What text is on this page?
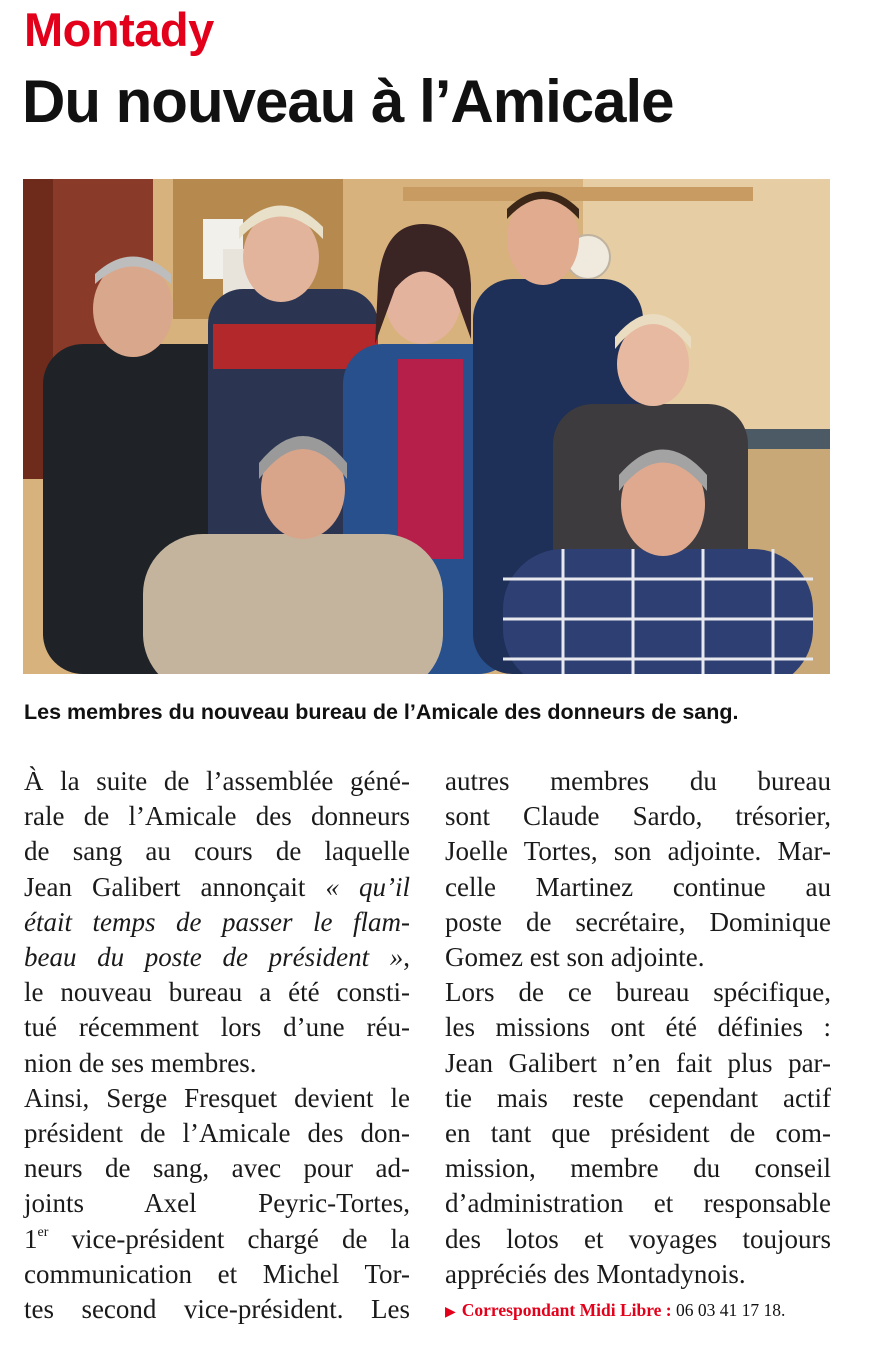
Montady
Du nouveau à l’Amicale
Les membres du nouveau bureau de l’Amicale des donneurs de sang.
À la suite de l’assemblée géné-
rale de l’Amicale des donneurs
de sang au cours de laquelle
Jean Galibert annonçait « qu’il
était temps de passer le flam-
beau du poste de président »,
le nouveau bureau a été consti-
tué récemment lors d’une réu-
nion de ses membres.
Ainsi, Serge Fresquet devient le
président de l’Amicale des don-
neurs de sang, avec pour ad-
joints Axel Peyric-Tortes,
1er vice-président chargé de la
communication et Michel Tor-
tes second vice-président. Les
autres membres du bureau
sont Claude Sardo, trésorier,
Joelle Tortes, son adjointe. Mar-
celle Martinez continue au
poste de secrétaire, Dominique
Gomez est son adjointe.
Lors de ce bureau spécifique,
les missions ont été définies :
Jean Galibert n’en fait plus par-
tie mais reste cependant actif
en tant que président de com-
mission, membre du conseil
d’administration et responsable
des lotos et voyages toujours
appréciés des Montadynois.
▶ Correspondant Midi Libre : 06 03 41 17 18.
